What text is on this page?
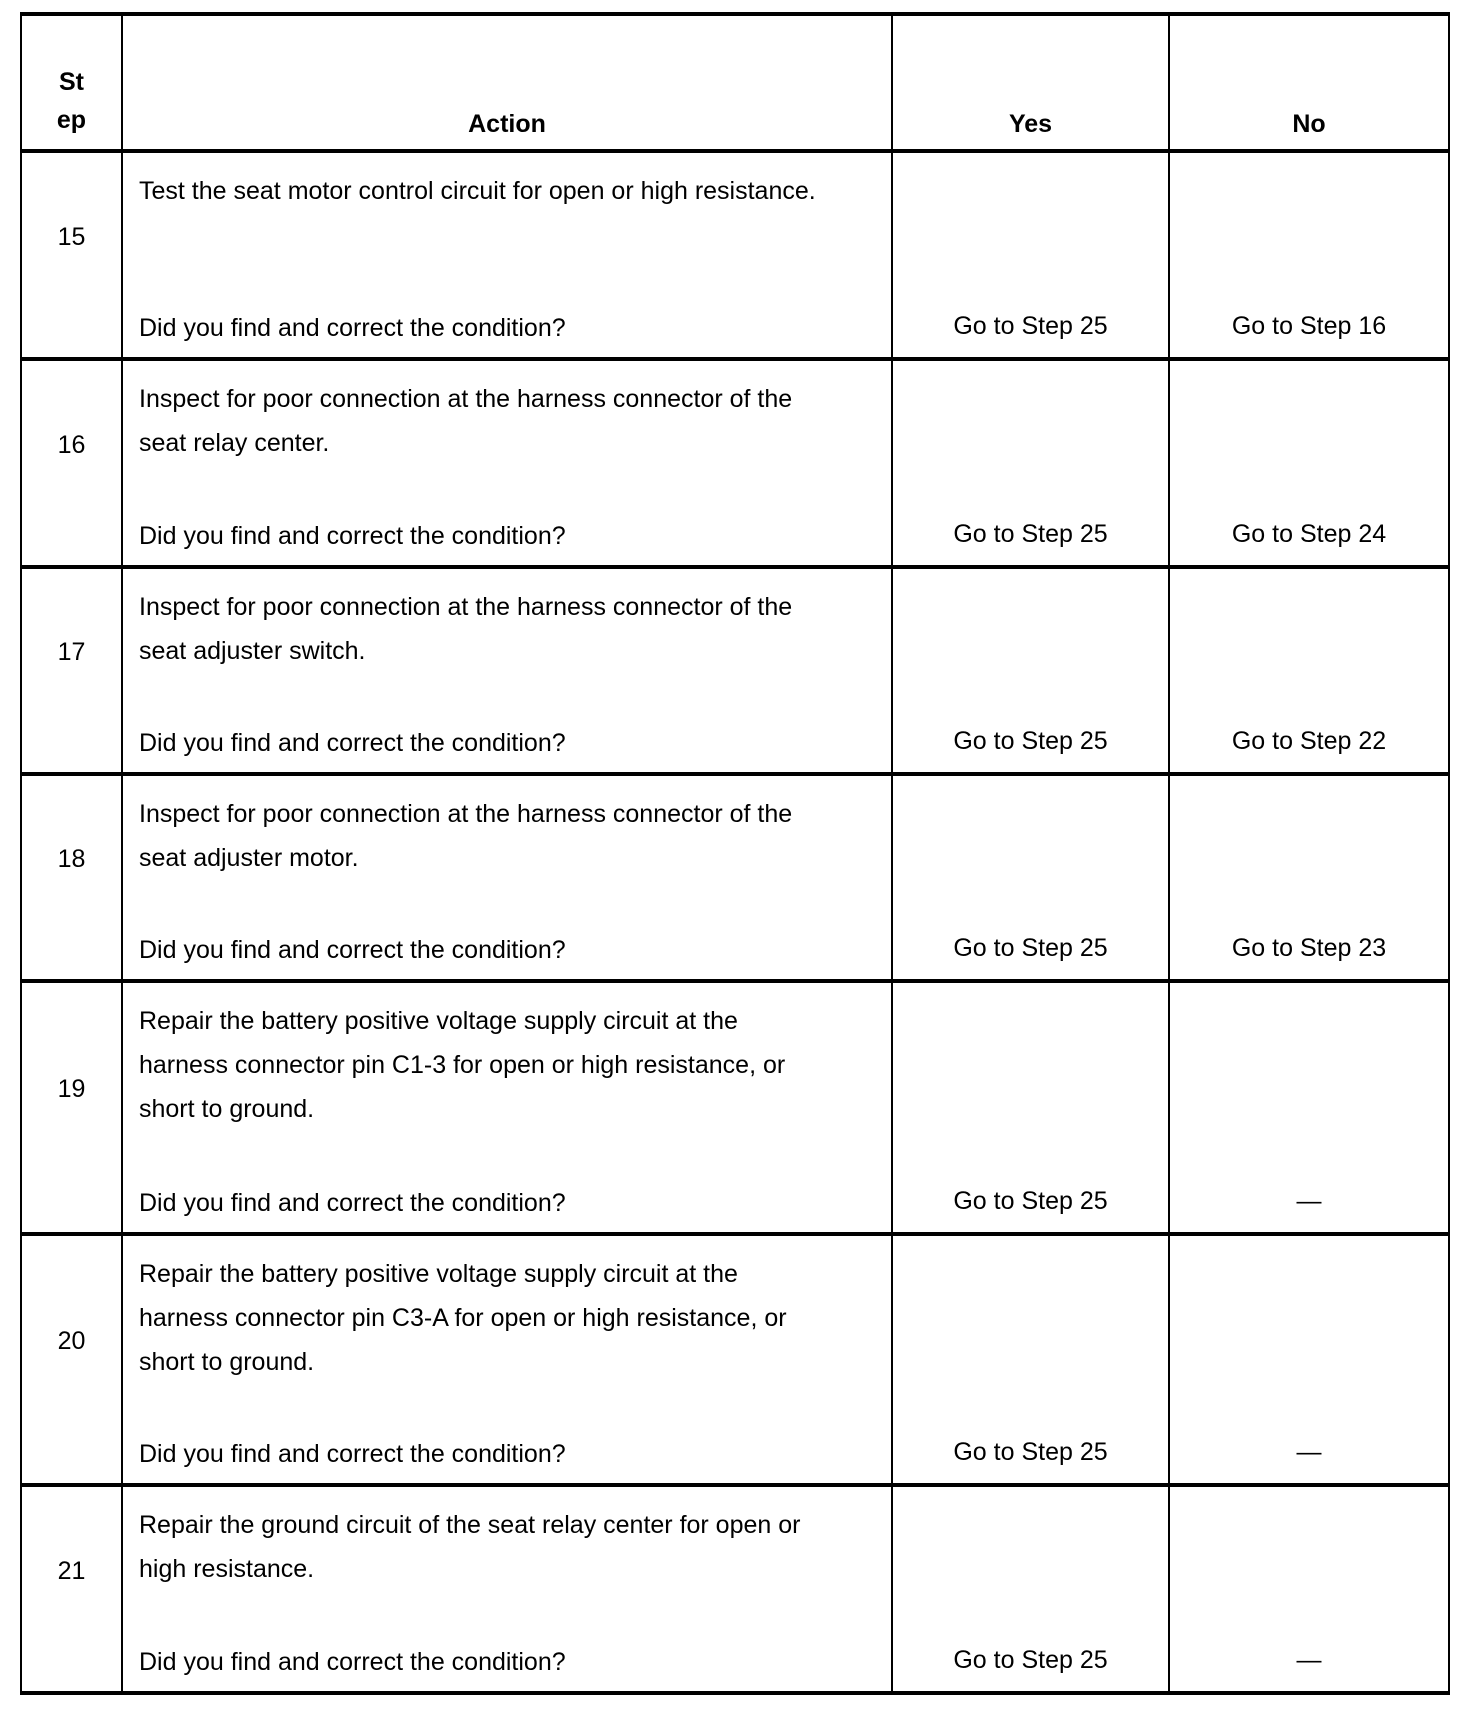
St
ep	Action	Yes	No
15	Test the seat motor control circuit for open or high resistance.
Did you find and correct the condition?	Go to Step 25	Go to Step 16

16	Inspect for poor connection at the harness connector of the seat relay center.
Did you find and correct the condition?	Go to Step 25	Go to Step 24

17	Inspect for poor connection at the harness connector of the seat adjuster switch.
Did you find and correct the condition?	Go to Step 25	Go to Step 22

18	Inspect for poor connection at the harness connector of the seat adjuster motor.
Did you find and correct the condition?	Go to Step 25	Go to Step 23

19	Repair the battery positive voltage supply circuit at the harness connector pin C1-3 for open or high resistance, or short to ground.
Did you find and correct the condition?	Go to Step 25	—

20	Repair the battery positive voltage supply circuit at the harness connector pin C3-A for open or high resistance, or short to ground.
Did you find and correct the condition?	Go to Step 25	—

21	Repair the ground circuit of the seat relay center for open or high resistance.
Did you find and correct the condition?	Go to Step 25	—
